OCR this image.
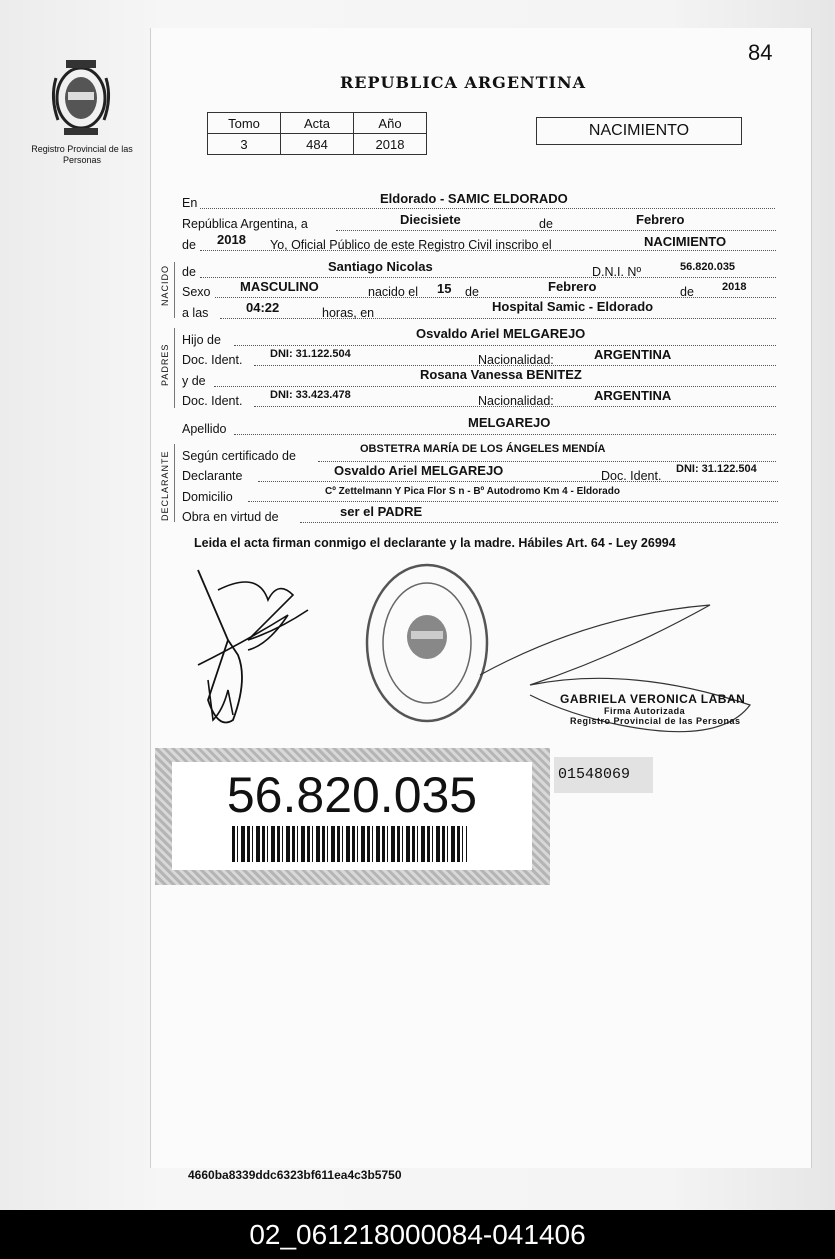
84
Registro Provincial de las Personas
REPUBLICA ARGENTINA
Tomo	Acta	Año
3	484	2018
NACIMIENTO
En	Eldorado - SAMIC ELDORADO
República Argentina, a	Diecisiete	de	Febrero
de 2018 Yo, Oficial Público de este Registro Civil inscribo el	NACIMIENTO
NACIDO de	Santiago Nicolas	D.N.I. Nº	56.820.035
Sexo MASCULINO	nacido el 15 de	Febrero	de	2018
a las	04:22	horas, en	Hospital Samic - Eldorado
PADRES
Hijo de	Osvaldo Ariel MELGAREJO
Doc. Ident.	DNI: 31.122.504	Nacionalidad:	ARGENTINA
y de	Rosana Vanessa BENITEZ
Doc. Ident.	DNI: 33.423.478	Nacionalidad:	ARGENTINA
Apellido	MELGAREJO
DECLARANTE Según certificado de	OBSTETRA MARÍA DE LOS ÁNGELES MENDÍA
Declarante	Osvaldo Ariel MELGAREJO	Doc. Ident. DNI: 31.122.504
Domicilio	Cº Zettelmann Y Pica Flor S n - Bº Autodromo Km 4 - Eldorado
Obra en virtud de	ser el PADRE
Leida el acta firman conmigo el declarante y la madre. Hábiles Art. 64 - Ley 26994
GABRIELA VERONICA LABAN
Firma Autorizada
Registro Provincial de las Personas
56.820.035	01548069
4660ba8339ddc6323bf611ea4c3b5750
02_061218000084-041406
